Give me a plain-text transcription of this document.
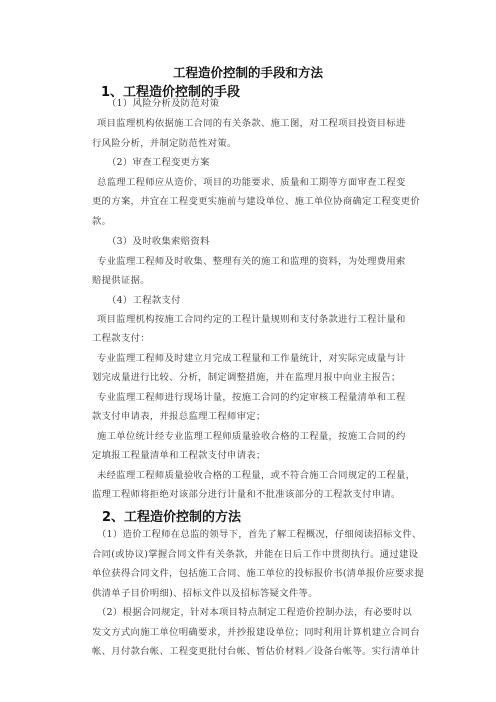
工程造价控制的手段和方法
1、工程造价控制的手段
（1）风险分析及防范对策
项目监理机构依据施工合同的有关条款、施工图，对工程项目投资目标进
行风险分析，并制定防范性对策。
（2）审查工程变更方案
总监理工程师应从造价、项目的功能要求、质量和工期等方面审查工程变
更的方案，并宜在工程变更实施前与建设单位、施工单位协商确定工程变更价
款。
（3）及时收集索赔资料
专业监理工程师及时收集、整理有关的施工和监理的资料，为处理费用索
赔提供证据。
（4）工程款支付
项目监理机构按施工合同约定的工程计量规则和支付条款进行工程计量和
工程款支付：
专业监理工程师及时建立月完成工程量和工作量统计，对实际完成量与计
划完成量进行比较、分析，制定调整措施，并在监理月报中向业主报告；
专业监理工程师进行现场计量，按施工合同的约定审核工程量清单和工程
款支付申请表，并报总监理工程师审定；
施工单位统计经专业监理工程师质量验收合格的工程量，按施工合同的约
定填报工程量清单和工程款支付申请表；
未经监理工程师质量验收合格的工程量，或不符合施工合同规定的工程量，
监理工程师将拒绝对该部分进行计量和不批准该部分的工程款支付申请。
2、工程造价控制的方法
（1）造价工程师在总监的领导下，首先了解工程概况，仔细阅读招标文件、
合同(或协议)掌握合同文件有关条款，并能在日后工作中贯彻执行。通过建设
单位获得合同文件，包括施工合同、施工单位的投标报价书(清单报价应要求提
供清单子目价明细)、招标文件以及招标答疑文件等。
（2）根据合同规定，针对本项目特点制定工程造价控制办法，有必要时以
发文方式向施工单位明确要求，并抄报建设单位；同时利用计算机建立合同台
帐、月付款台帐、工程变更批付台帐、暂估价材料／设备台帐等。实行清单计
